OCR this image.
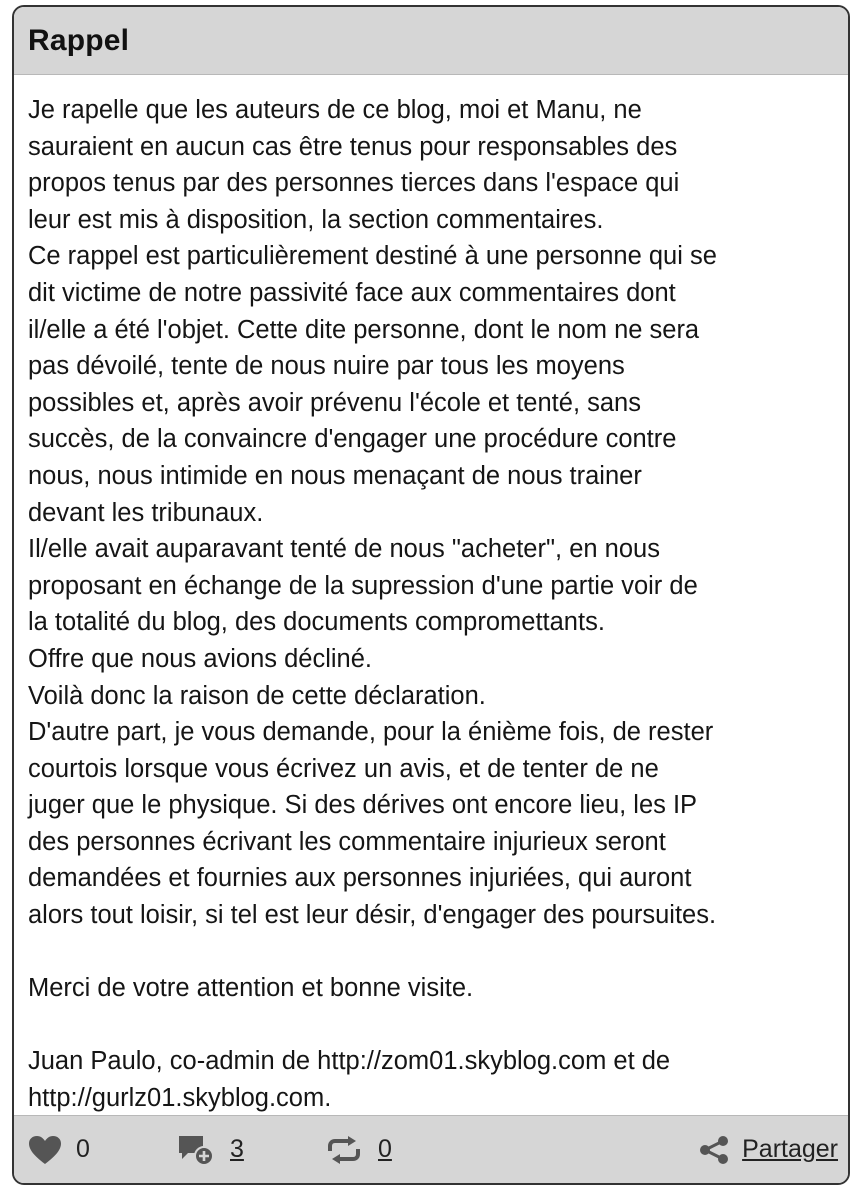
Rappel
Je rapelle que les auteurs de ce blog, moi et Manu, ne
sauraient en aucun cas être tenus pour responsables des
propos tenus par des personnes tierces dans l'espace qui
leur est mis à disposition, la section commentaires.
Ce rappel est particulièrement destiné à une personne qui se
dit victime de notre passivité face aux commentaires dont
il/elle a été l'objet. Cette dite personne, dont le nom ne sera
pas dévoilé, tente de nous nuire par tous les moyens
possibles et, après avoir prévenu l'école et tenté, sans
succès, de la convaincre d'engager une procédure contre
nous, nous intimide en nous menaçant de nous trainer
devant les tribunaux.
Il/elle avait auparavant tenté de nous "acheter", en nous
proposant en échange de la supression d'une partie voir de
la totalité du blog, des documents compromettants.
Offre que nous avions décliné.
Voilà donc la raison de cette déclaration.
D'autre part, je vous demande, pour la énième fois, de rester
courtois lorsque vous écrivez un avis, et de tenter de ne
juger que le physique. Si des dérives ont encore lieu, les IP
des personnes écrivant les commentaire injurieux seront
demandées et fournies aux personnes injuriées, qui auront
alors tout loisir, si tel est leur désir, d'engager des poursuites.
Merci de votre attention et bonne visite.
Juan Paulo, co-admin de http://zom01.skyblog.com et de
http://gurlz01.skyblog.com.
0	3	0	Partager
